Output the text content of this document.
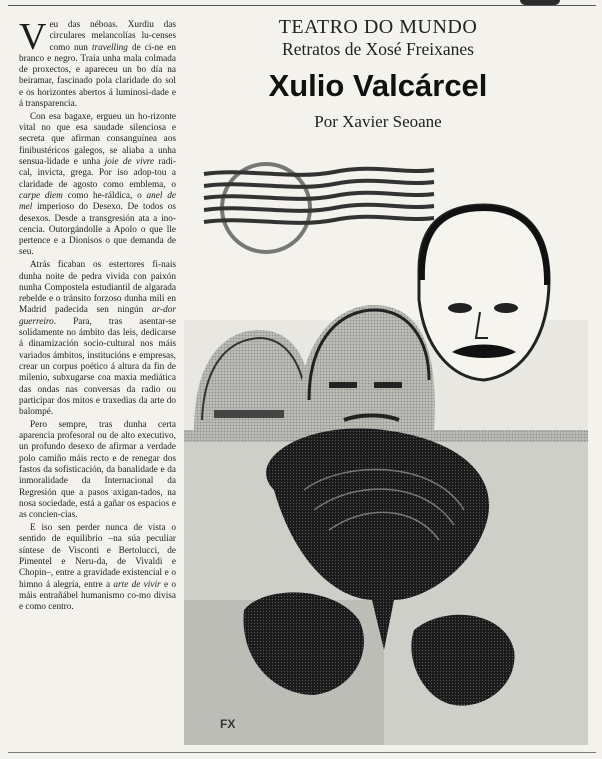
Veu das néboas. Xurdiu das circulares melancolías lu-censes como nun travelling de ci-ne en branco e negro. Traía unha mala colmada de proxectos, e apareceu un bo día na beiramar, fascinado pola claridade do sol e os horizontes abertos á luminosi-dade e á transparencia.

Con esa bagaxe, ergueu un ho-rizonte vital no que esa saudade silenciosa e secreta que afirman consanguínea aos finibustéricos galegos, se aliaba a unha sensua-lidade e unha joie de vivre radi-cal, invicta, grega. Por iso adop-tou a claridade de agosto como emblema, o carpe diem como he-ráldica, o anel de mel imperioso do Desexo. De todos os desexos. Desde a transgresión ata a ino-cencia. Outorgándolle a Apolo o que lle pertence e a Dionisos o que demanda de seu.

Atrás ficaban os estertores fi-nais dunha noite de pedra vivida con paixón nunha Compostela estudiantil de algarada rebelde e o tránsito forzoso dunha mili en Madrid padecida sen ningún ar-dor guerreiro. Para, tras asentar-se solidamente no ámbito das leis, dedicarse á dinamización socio-cultural nos máis variados ámbitos, institucións e empresas, crear un corpus poético á altura da fin de milenio, subxugarse coa maxia mediática das ondas nas conversas da radio ou participar dos mitos e traxedias da arte do balompé.

Pero sempre, tras dunha certa aparencia profesoral ou de alto executivo, un profundo desexo de afirmar a verdade polo camiño máis recto e de renegar dos fastos da sofisticación, da banalidade e da inmoralidade da Internacional da Regresión que a pasos axigan-tados, na nosa sociedade, está a gañar os espacios e as concien-cias.

E iso sen perder nunca de vista o sentido de equilibrio –na súa peculiar síntese de Visconti e Bertolucci, de Pimentel e Neru-da, de Vivaldi e Chopin–, entre a gravidade existencial e o himno á alegría, entre a arte de vivir e o máis entrañábel humanismo co-mo divisa e como centro.

TEATRO DO MUNDO
Retratos de Xosé Freixanes
Xulio Valcárcel
Por Xavier Seoane
FX
